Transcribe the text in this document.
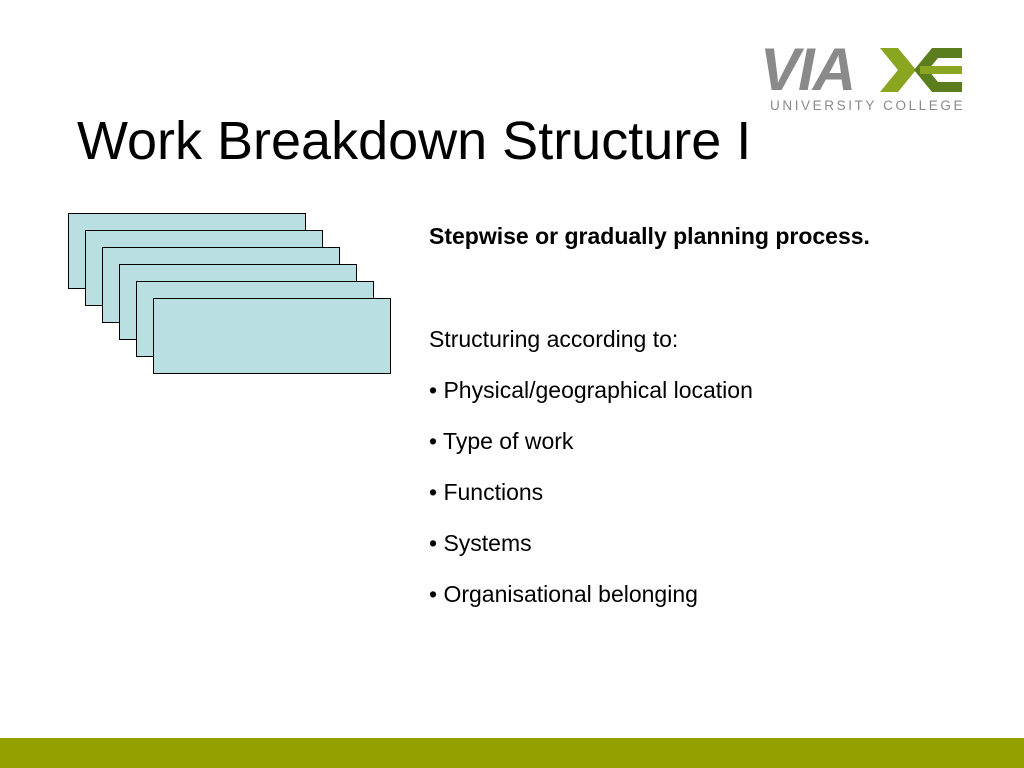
Work Breakdown Structure I
VIA
UNIVERSITY COLLEGE

Stepwise or gradually planning process.

Structuring according to:

• Physical/geographical location
• Type of work
• Functions
• Systems
• Organisational belonging
